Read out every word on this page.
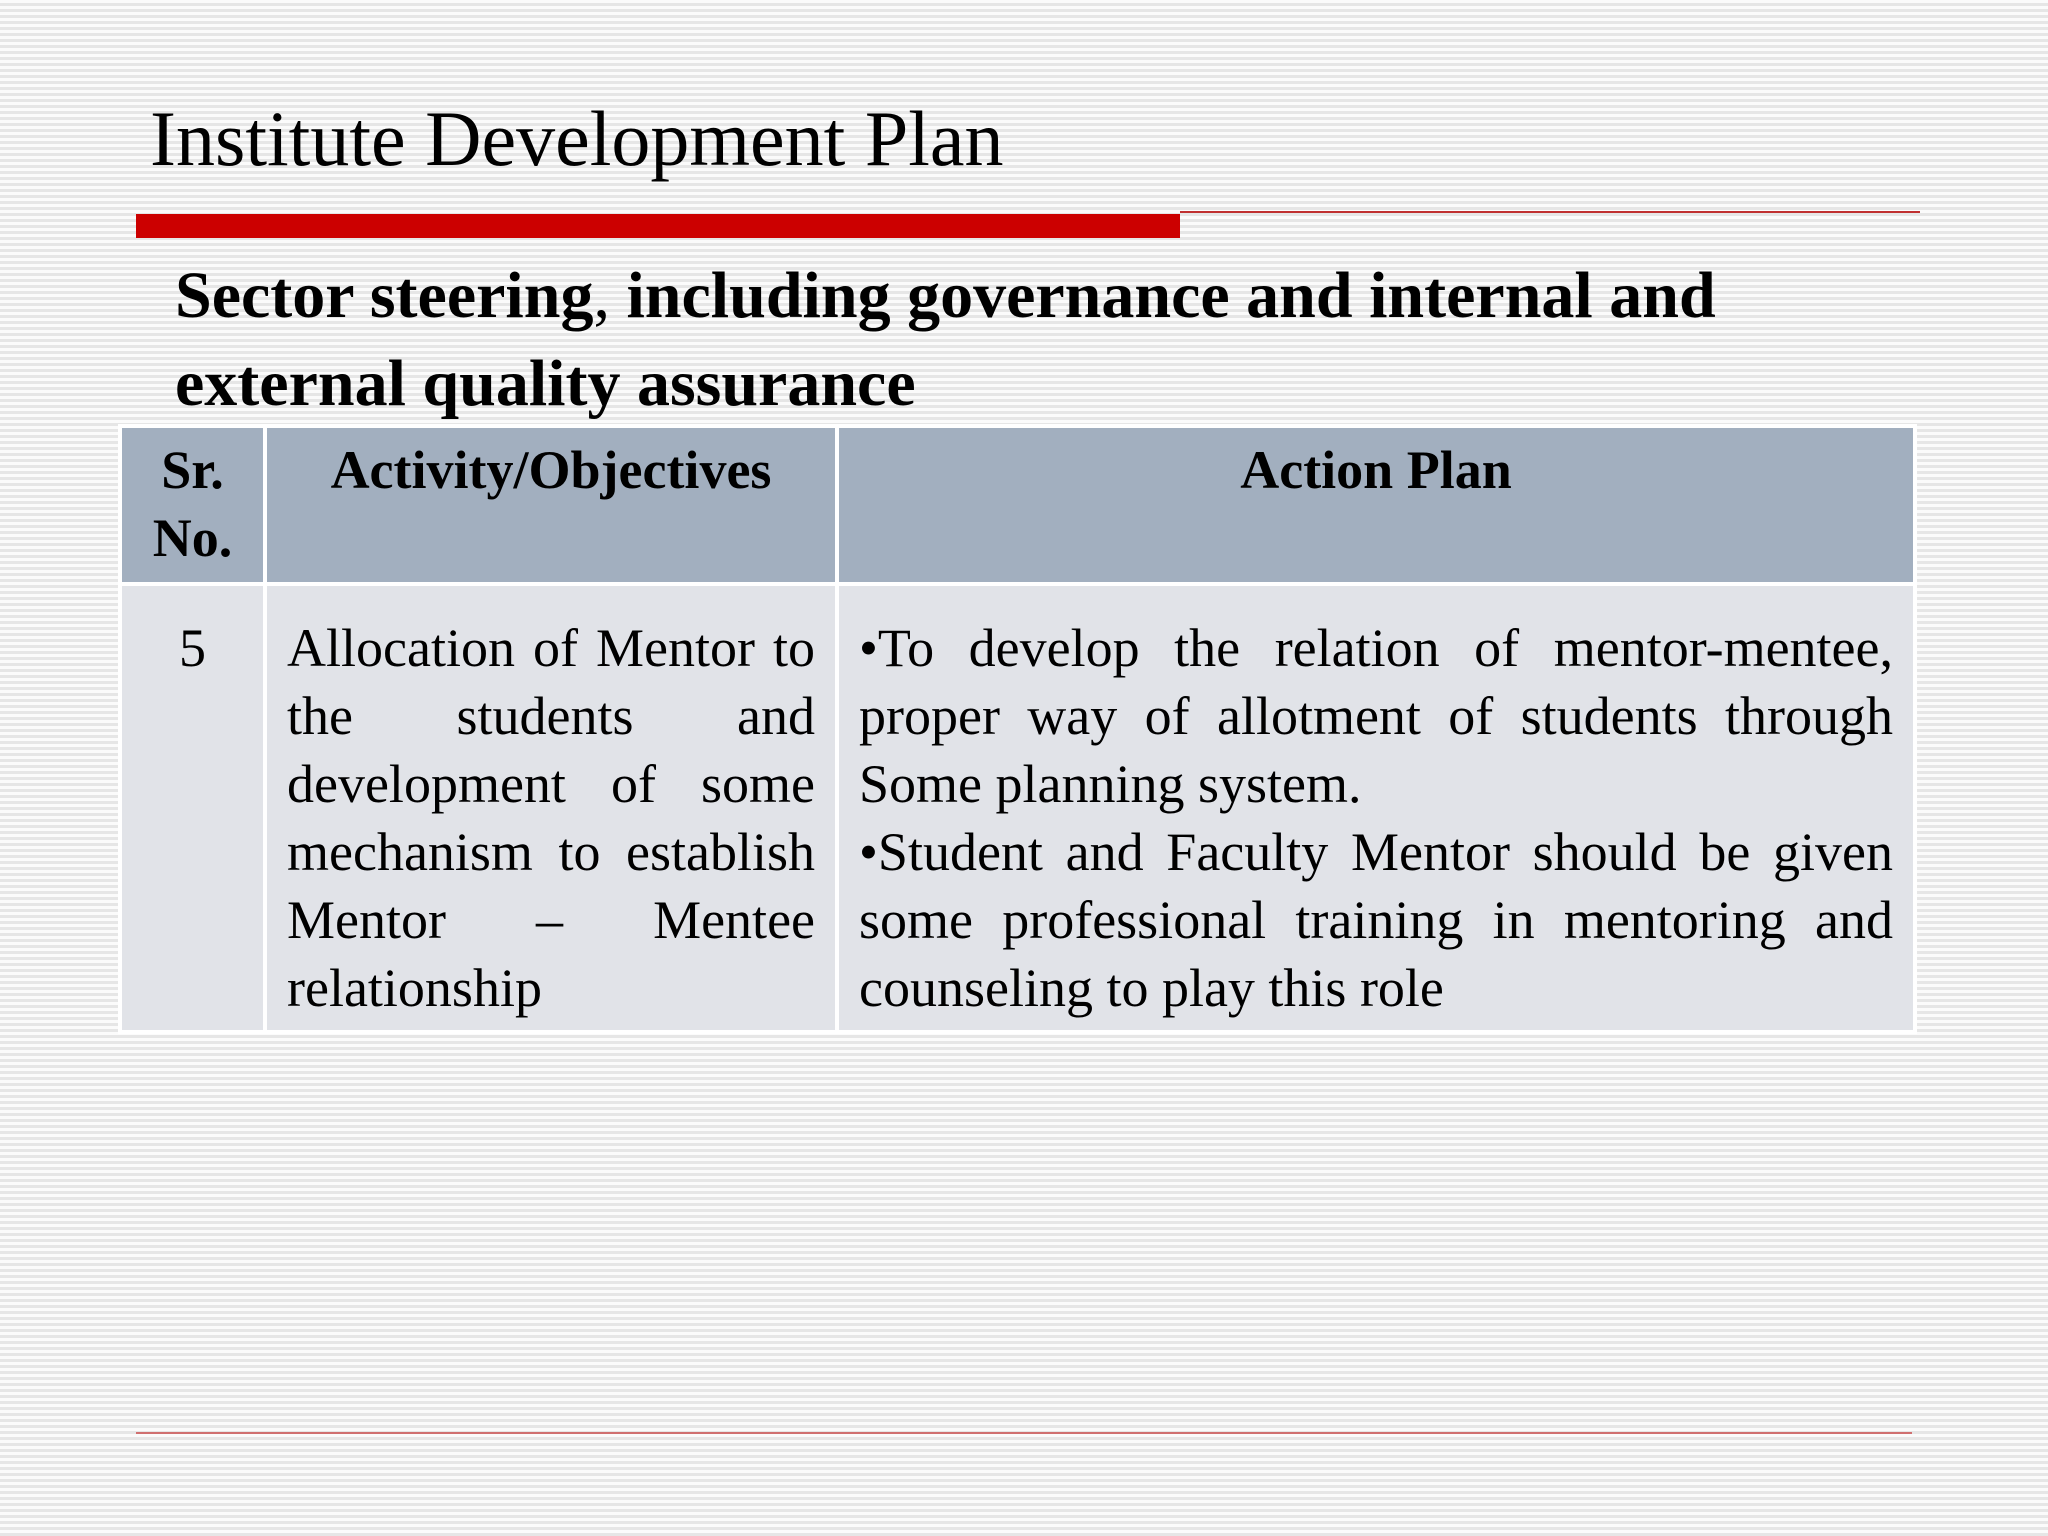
Institute Development Plan
Sector steering, including governance and internal and external quality assurance
Sr. No.	Activity/Objectives	Action Plan
5	Allocation of Mentor to the students and development of some mechanism to establish Mentor – Mentee relationship	•To develop the relation of mentor-mentee, proper way of allotment of students through Some planning system.
•Student and Faculty Mentor should be given some professional training in mentoring and counseling to play this role
